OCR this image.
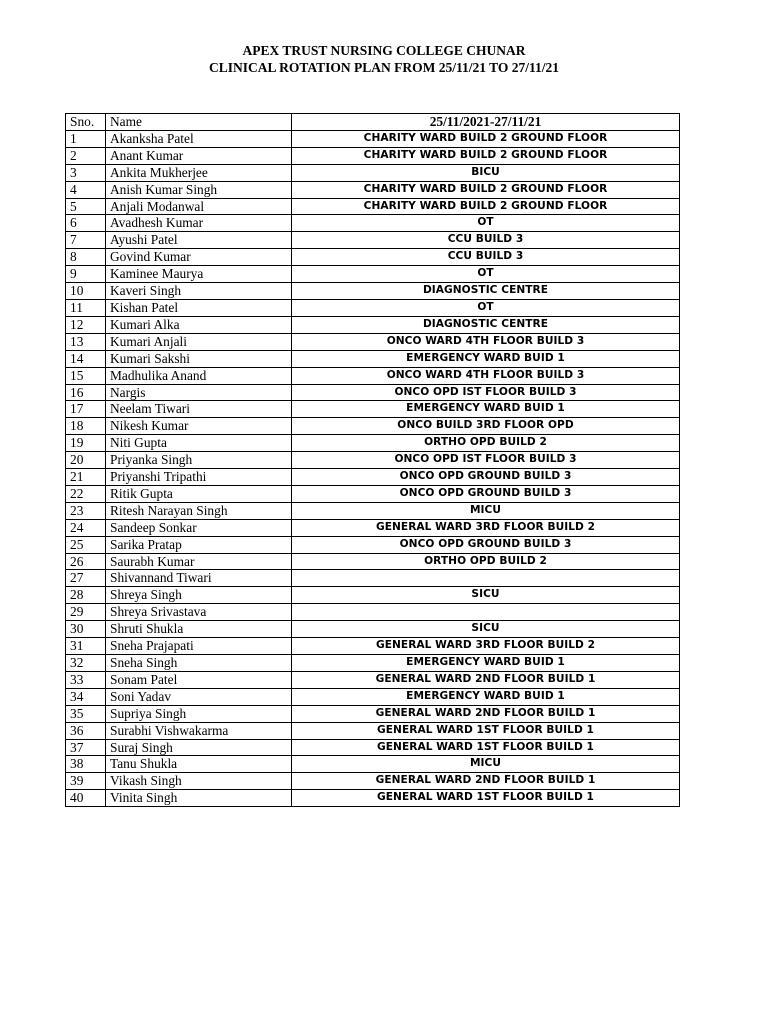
APEX TRUST NURSING COLLEGE CHUNAR
CLINICAL ROTATION PLAN FROM 25/11/21 TO 27/11/21
Sno.	Name	25/11/2021-27/11/21
1	Akanksha Patel	CHARITY WARD BUILD 2 GROUND FLOOR
2	Anant Kumar	CHARITY WARD BUILD 2 GROUND FLOOR
3	Ankita Mukherjee	BICU
4	Anish Kumar Singh	CHARITY WARD BUILD 2 GROUND FLOOR
5	Anjali Modanwal	CHARITY WARD BUILD 2 GROUND FLOOR
6	Avadhesh Kumar	OT
7	Ayushi Patel	CCU BUILD 3
8	Govind Kumar	CCU BUILD 3
9	Kaminee Maurya	OT
10	Kaveri Singh	DIAGNOSTIC CENTRE
11	Kishan Patel	OT
12	Kumari Alka	DIAGNOSTIC CENTRE
13	Kumari Anjali	ONCO WARD 4TH FLOOR BUILD 3
14	Kumari Sakshi	EMERGENCY WARD BUID 1
15	Madhulika Anand	ONCO WARD 4TH FLOOR BUILD 3
16	Nargis	ONCO OPD IST FLOOR BUILD 3
17	Neelam Tiwari	EMERGENCY WARD BUID 1
18	Nikesh Kumar	ONCO BUILD 3RD FLOOR OPD
19	Niti Gupta	ORTHO OPD BUILD 2
20	Priyanka Singh	ONCO OPD IST FLOOR BUILD 3
21	Priyanshi Tripathi	ONCO OPD GROUND BUILD 3
22	Ritik Gupta	ONCO OPD GROUND BUILD 3
23	Ritesh Narayan Singh	MICU
24	Sandeep Sonkar	GENERAL WARD 3RD FLOOR BUILD 2
25	Sarika Pratap	ONCO OPD GROUND BUILD 3
26	Saurabh Kumar	ORTHO OPD BUILD 2
27	Shivannand Tiwari	
28	Shreya Singh	SICU
29	Shreya Srivastava	
30	Shruti Shukla	SICU
31	Sneha Prajapati	GENERAL WARD 3RD FLOOR BUILD 2
32	Sneha Singh	EMERGENCY WARD BUID 1
33	Sonam Patel	GENERAL WARD 2ND FLOOR BUILD 1
34	Soni Yadav	EMERGENCY WARD BUID 1
35	Supriya Singh	GENERAL WARD 2ND FLOOR BUILD 1
36	Surabhi Vishwakarma	GENERAL WARD 1ST FLOOR BUILD 1
37	Suraj Singh	GENERAL WARD 1ST FLOOR BUILD 1
38	Tanu Shukla	MICU
39	Vikash Singh	GENERAL WARD 2ND FLOOR BUILD 1
40	Vinita Singh	GENERAL WARD 1ST FLOOR BUILD 1
